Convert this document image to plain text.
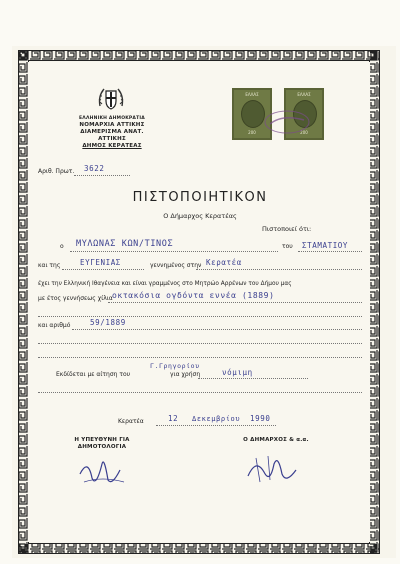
ΕΛΛΗΝΙΚΗ ΔΗΜΟΚΡΑΤΙΑ
ΝΟΜΑΡΧΙΑ ΑΤΤΙΚΗΣ
ΔΙΑΜΕΡΙΣΜΑ ΑΝΑΤ. ΑΤΤΙΚΗΣ
ΔΗΜΟΣ ΚΕΡΑΤΕΑΣ
ΕΛΛΑΣ
200
ΕΛΛΑΣ
200
Αριθ. Πρωτ. 3622
ΠΙΣΤΟΠΟΙΗΤΙΚΟΝ
Ο Δήμαρχος Κερατέας
Πιστοποιεί ότι:
ο ΜΥΛΩΝΑΣ ΚΩΝ/ΤΙΝΟΣ	του ΣΤΑΜΑΤΙΟΥ
και της	ΕΥΓΕΝΙΑΣ	γεννημένος στην Κερατέα
έχει την Ελληνική Ιθαγένεια και είναι γραμμένος στο Μητρώο Αρρένων του Δήμου μας
με έτος γεννήσεως χίλια οκτακόσια ογδόντα εννέα (1889)
και αριθμό	59/1889
Γ.Γρηγορίου
Εκδίδεται με αίτηση του	για χρήση	νόμιμη
Κερατέα	12 Δεκεμβρίου 1990
Η ΥΠΕΥΘΥΝΗ ΓΙΑ
ΔΗΜΟΤΟΛΟΓΙΑ
Ο ΔΗΜΑΡΧΟΣ & α.α.
